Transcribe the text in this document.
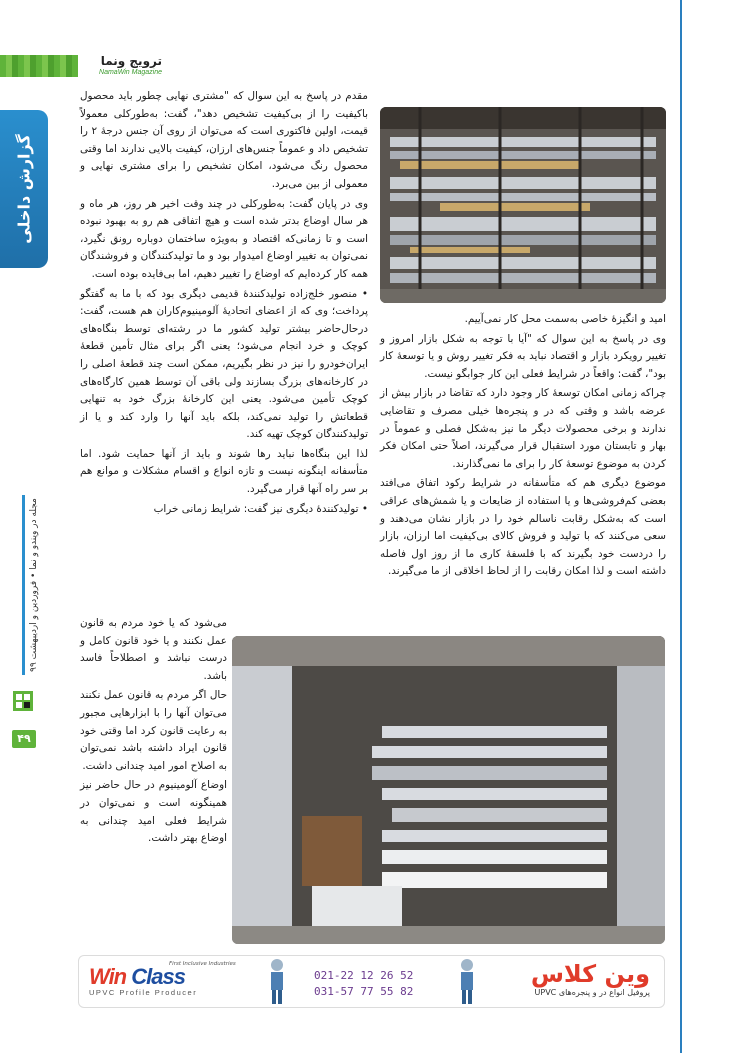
ترویج‌ ونما
NamaWin Magazine
گزارش داخلی
مجله در ویندو و نما • فروردین و اردیبهشت ۹۹
۴۹

مقدم در پاسخ به این سوال که "مشتری نهایی چطور باید محصول باکیفیت را از بی‌کیفیت تشخیص دهد"، گفت: به‌طورکلی معمولاً قیمت، اولین فاکتوری است که می‌توان از روی آن جنس درجۀ ۲ را تشخیص داد و عموماً جنس‌های ارزان، کیفیت بالایی ندارند اما وقتی محصول رنگ می‌شود، امکان تشخیص را برای مشتری نهایی و معمولی از بین می‌برد.

وی در پایان گفت: به‌طورکلی در چند وقت اخیر هر روز، هر ماه و هر سال اوضاع بدتر شده است و هیچ اتفاقی هم رو به بهبود نبوده است و تا زمانی‌که اقتصاد و به‌ویژه ساختمان دوباره رونق نگیرد، نمی‌توان به تغییر اوضاع امیدوار بود و ما تولیدکنندگان و فروشندگان همه کار کرده‌ایم که اوضاع را تغییر دهیم، اما بی‌فایده بوده است.

• منصور خلج‌زاده تولیدکنندۀ قدیمی دیگری بود که با ما به گفتگو پرداخت؛ وی که از اعضای اتحادیۀ آلومینیوم‌کاران هم هست، گفت: درحال‌حاضر بیشتر تولید کشور ما در رشته‌ای توسط بنگاه‌های کوچک و خرد انجام می‌شود؛ یعنی اگر برای مثال تأمین قطعۀ ایران‌خودرو را نیز در نظر بگیریم، ممکن است چند قطعۀ اصلی را در کارخانه‌های بزرگ بسازند ولی باقی آن توسط همین کارگاه‌های کوچک تأمین می‌شود. یعنی این کارخانۀ بزرگ خود به تنهایی قطعاتش را تولید نمی‌کند، بلکه باید آنها را وارد کند و یا از تولیدکنندگان کوچک تهیه کند.

لذا این بنگاه‌ها نباید رها شوند و باید از آنها حمایت شود. اما متأسفانه اینگونه نیست و تازه انواع و اقسام مشکلات و موانع هم بر سر راه آنها قرار می‌گیرد.

• تولیدکنندۀ دیگری نیز گفت: شرایط زمانی خراب

می‌شود که یا خود مردم به قانون عمل نکنند و یا خود قانون کامل و درست نباشد و اصطلاحاً فاسد باشد.

حال اگر مردم به قانون عمل نکنند می‌توان آنها را با ابزارهایی مجبور به رعایت قانون کرد اما وقتی خود قانون ایراد داشته باشد نمی‌توان به اصلاح امور امید چندانی داشت.

اوضاع آلومینیوم در حال حاضر نیز همینگونه است و نمی‌توان در شرایط فعلی امید چندانی به اوضاع بهتر داشت.

امید و انگیزۀ خاصی به‌سمت محل کار نمی‌آییم.

وی در پاسخ به این سوال که "آیا با توجه به شکل بازار امروز و تغییر رویکرد بازار و اقتصاد نباید به فکر تغییر روش و یا توسعۀ کار بود"، گفت: واقعاً در شرایط فعلی این کار جوابگو نیست.

چراکه زمانی امکان توسعۀ کار وجود دارد که تقاضا در بازار بیش از عرضه باشد و وقتی که در و پنجره‌ها خیلی مصرف و تقاضایی ندارند و برخی محصولات دیگر ما نیز به‌شکل فصلی و عموماً در بهار و تابستان مورد استقبال قرار می‌گیرند، اصلاً حتی امکان فکر کردن به موضوع توسعۀ کار را برای ما نمی‌گذارند.

موضوع دیگری هم که متأسفانه در شرایط رکود اتفاق می‌افتد بعضی کم‌فروشی‌ها و یا استفاده از ضایعات و یا شمش‌های عراقی است که به‌شکل رقابت ناسالم خود را در بازار نشان می‌دهند و سعی می‌کنند که با تولید و فروش کالای بی‌کیفیت اما ارزان، بازار را دردست خود بگیرند که با فلسفۀ کاری ما از روز اول فاصله داشته است و لذا امکان رقابت را از لحاظ اخلاقی از ما می‌گیرند.

First Inclusive Industries
Win Class
UPVC Profile Producer
021-22 12 26 52
031-57 77 55 82
وین کلاس
پروفیل انواع در و پنجره‌های UPVC
